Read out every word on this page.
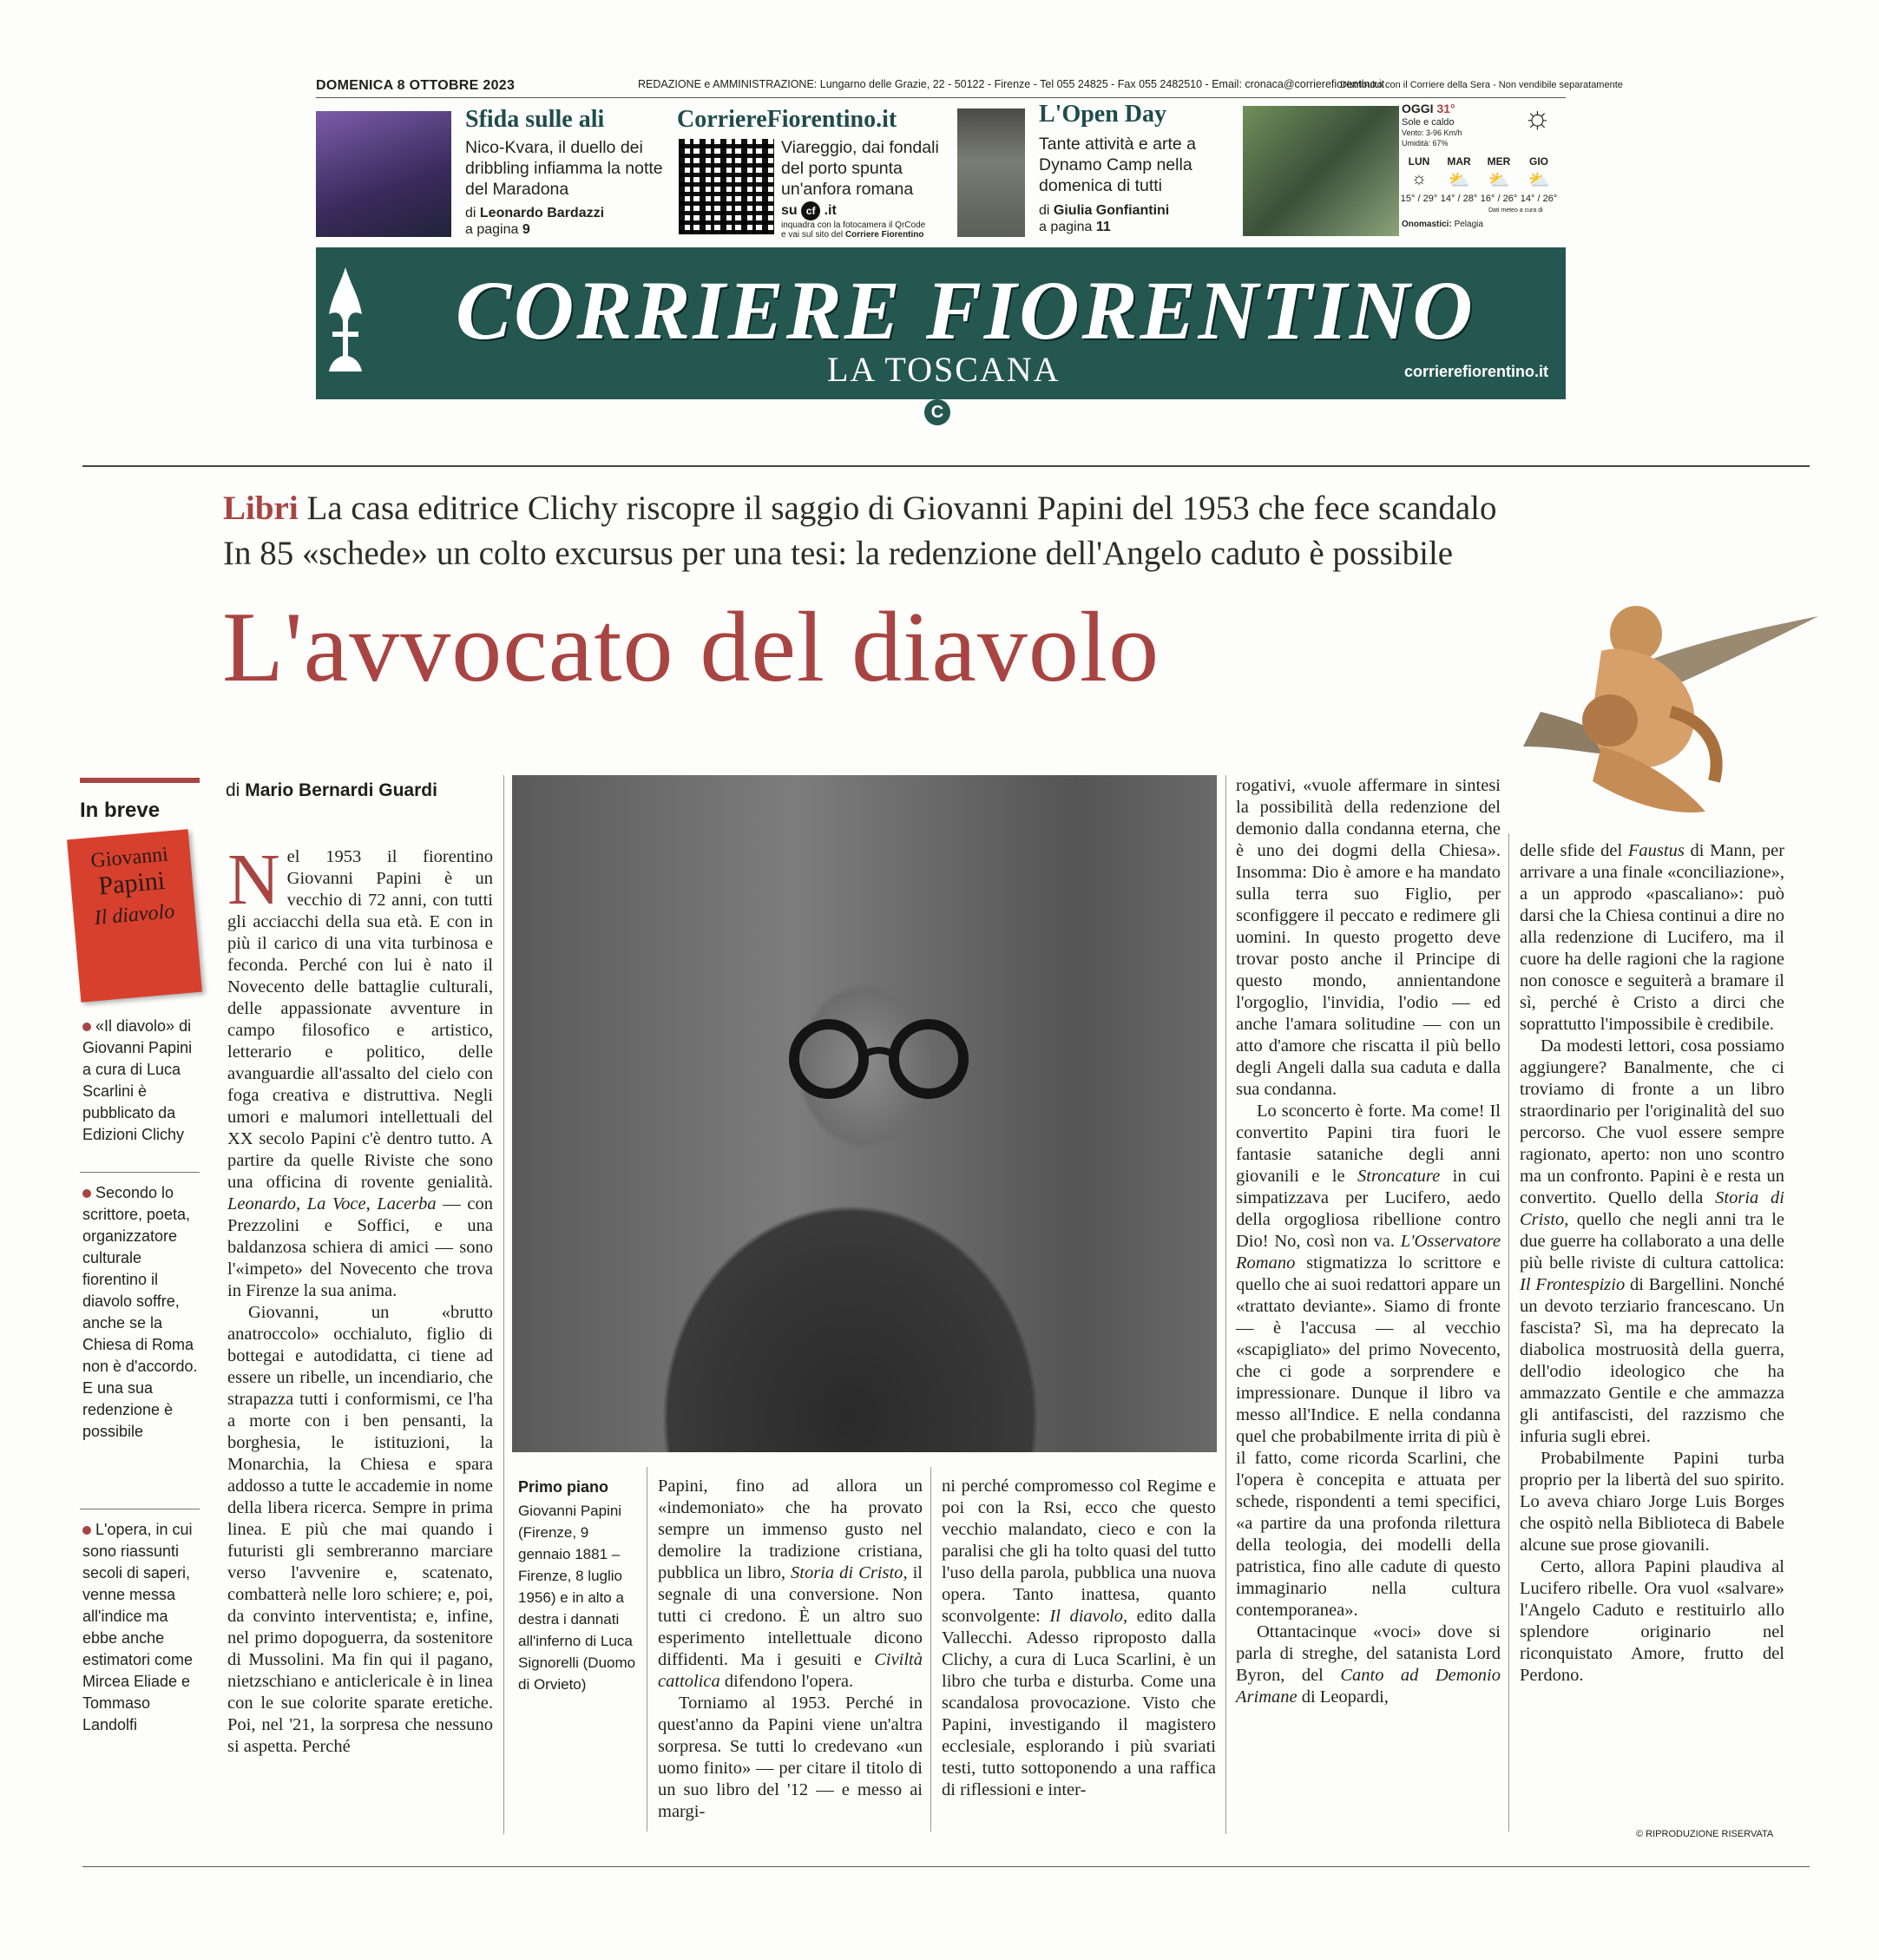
DOMENICA 8 OTTOBRE 2023	REDAZIONE e AMMINISTRAZIONE: Lungarno delle Grazie, 22 - 50122 - Firenze - Tel 055 24825 - Fax 055 2482510 - Email: cronaca@corrierefiorentino.it
Distribuito con il Corriere della Sera - Non vendibile separatamente
Sfida sulle ali
Nico-Kvara, il duello dei dribbling infiamma la notte del Maradona
di Leonardo Bardazzi
a pagina 9
CorriereFiorentino.it
Viareggio, dai fondali del porto spunta un'anfora romana
su cf .it
inquadra con la fotocamera il QrCode
e vai sul sito del Corriere Fiorentino
L'Open Day
Tante attività e arte a Dynamo Camp nella domenica di tutti
di Giulia Gonfiantini
a pagina 11
OGGI 31°
Sole e caldo
Vento: 3-96 Km/h
Umidità: 67%
☼
LUN	MAR	MER	GIO
☼	⛅	⛅	⛅
15° / 29° 14° / 28° 16° / 26° 14° / 26°
Dati meteo a cura di
Onomastici: Pelagia
CORRIERE FIORENTINO
LA TOSCANA	corrierefiorentino.it
C
Libri La casa editrice Clichy riscopre il saggio di Giovanni Papini del 1953 che fece scandalo
In 85 «schede» un colto excursus per una tesi: la redenzione dell'Angelo caduto è possibile
L'avvocato del diavolo
di Mario Bernardi Guardi
In breve
Giovanni
Papini
Il diavolo
«Il diavolo» di Giovanni Papini a cura di Luca Scarlini è pubblicato da Edizioni Clichy
Secondo lo scrittore, poeta, organizzatore culturale fiorentino il diavolo soffre, anche se la Chiesa di Roma non è d'accordo. E una sua redenzione è possibile
L'opera, in cui sono riassunti secoli di saperi, venne messa all'indice ma ebbe anche estimatori come Mircea Eliade e Tommaso Landolfi
Primo piano
Giovanni Papini (Firenze, 9 gennaio 1881 – Firenze, 8 luglio 1956) e in alto a destra i dannati all'inferno di Luca Signorelli (Duomo di Orvieto)

Nel 1953 il fiorentino Giovanni Papini è un vecchio di 72 anni, con tutti gli acciacchi della sua età. E con in più il carico di una vita turbinosa e feconda. Perché con lui è nato il Novecento delle battaglie culturali, delle appassionate avventure in campo filosofico e artistico, letterario e politico, delle avanguardie all'assalto del cielo con foga creativa e distruttiva. Negli umori e malumori intellettuali del XX secolo Papini c'è dentro tutto. A partire da quelle Riviste che sono una officina di rovente genialità. Leonardo, La Voce, Lacerba — con Prezzolini e Soffici, e una baldanzosa schiera di amici — sono l'«impeto» del Novecento che trova in Firenze la sua anima.

Giovanni, un «brutto anatroccolo» occhialuto, figlio di bottegai e autodidatta, ci tiene ad essere un ribelle, un incendiario, che strapazza tutti i conformismi, ce l'ha a morte con i ben pensanti, la borghesia, le istituzioni, la Monarchia, la Chiesa e spara addosso a tutte le accademie in nome della libera ricerca. Sempre in prima linea. E più che mai quando i futuristi gli sembreranno marciare verso l'avvenire e, scatenato, combatterà nelle loro schiere; e, poi, da convinto interventista; e, infine, nel primo dopoguerra, da sostenitore di Mussolini. Ma fin qui il pagano, nietzschiano e anticlericale è in linea con le sue colorite sparate eretiche. Poi, nel '21, la sorpresa che nessuno si aspetta. Perché

Papini, fino ad allora un «indemoniato» che ha provato sempre un immenso gusto nel demolire la tradizione cristiana, pubblica un libro, Storia di Cristo, il segnale di una conversione. Non tutti ci credono. È un altro suo esperimento intellettuale dicono diffidenti. Ma i gesuiti e Civiltà cattolica difendono l'opera.

Torniamo al 1953. Perché in quest'anno da Papini viene un'altra sorpresa. Se tutti lo credevano «un uomo finito» — per citare il titolo di un suo libro del '12 — e messo ai margi-

ni perché compromesso col Regime e poi con la Rsi, ecco che questo vecchio malandato, cieco e con la paralisi che gli ha tolto quasi del tutto l'uso della parola, pubblica una nuova opera. Tanto inattesa, quanto sconvolgente: Il diavolo, edito dalla Vallecchi. Adesso riproposto dalla Clichy, a cura di Luca Scarlini, è un libro che turba e disturba. Come una scandalosa provocazione. Visto che Papini, investigando il magistero ecclesiale, esplorando i più svariati testi, tutto sottoponendo a una raffica di riflessioni e inter-

rogativi, «vuole affermare in sintesi la possibilità della redenzione del demonio dalla condanna eterna, che è uno dei dogmi della Chiesa». Insomma: Dio è amore e ha mandato sulla terra suo Figlio, per sconfiggere il peccato e redimere gli uomini. In questo progetto deve trovar posto anche il Principe di questo mondo, annientandone l'orgoglio, l'invidia, l'odio — ed anche l'amara solitudine — con un atto d'amore che riscatta il più bello degli Angeli dalla sua caduta e dalla sua condanna.

Lo sconcerto è forte. Ma come! Il convertito Papini tira fuori le fantasie sataniche degli anni giovanili e le Stroncature in cui simpatizzava per Lucifero, aedo della orgogliosa ribellione contro Dio! No, così non va. L'Osservatore Romano stigmatizza lo scrittore e quello che ai suoi redattori appare un «trattato deviante». Siamo di fronte — è l'accusa — al vecchio «scapigliato» del primo Novecento, che ci gode a sorprendere e impressionare. Dunque il libro va messo all'Indice. E nella condanna quel che probabilmente irrita di più è il fatto, come ricorda Scarlini, che l'opera è concepita e attuata per schede, rispondenti a temi specifici, «a partire da una profonda rilettura della teologia, dei modelli della patristica, fino alle cadute di questo immaginario nella cultura contemporanea».

Ottantacinque «voci» dove si parla di streghe, del satanista Lord Byron, del Canto ad Demonio Arimane di Leopardi,

delle sfide del Faustus di Mann, per arrivare a una finale «conciliazione», a un approdo «pascaliano»: può darsi che la Chiesa continui a dire no alla redenzione di Lucifero, ma il cuore ha delle ragioni che la ragione non conosce e seguiterà a bramare il sì, perché è Cristo a dirci che soprattutto l'impossibile è credibile.

Da modesti lettori, cosa possiamo aggiungere? Banalmente, che ci troviamo di fronte a un libro straordinario per l'originalità del suo percorso. Che vuol essere sempre ragionato, aperto: non uno scontro ma un confronto. Papini è e resta un convertito. Quello della Storia di Cristo, quello che negli anni tra le due guerre ha collaborato a una delle più belle riviste di cultura cattolica: Il Frontespizio di Bargellini. Nonché un devoto terziario francescano. Un fascista? Sì, ma ha deprecato la diabolica mostruosità della guerra, dell'odio ideologico che ha ammazzato Gentile e che ammazza gli antifascisti, del razzismo che infuria sugli ebrei.

Probabilmente Papini turba proprio per la libertà del suo spirito. Lo aveva chiaro Jorge Luis Borges che ospitò nella Biblioteca di Babele alcune sue prose giovanili.

Certo, allora Papini plaudiva al Lucifero ribelle. Ora vuol «salvare» l'Angelo Caduto e restituirlo allo splendore originario nel riconquistato Amore, frutto del Perdono.

© RIPRODUZIONE RISERVATA
